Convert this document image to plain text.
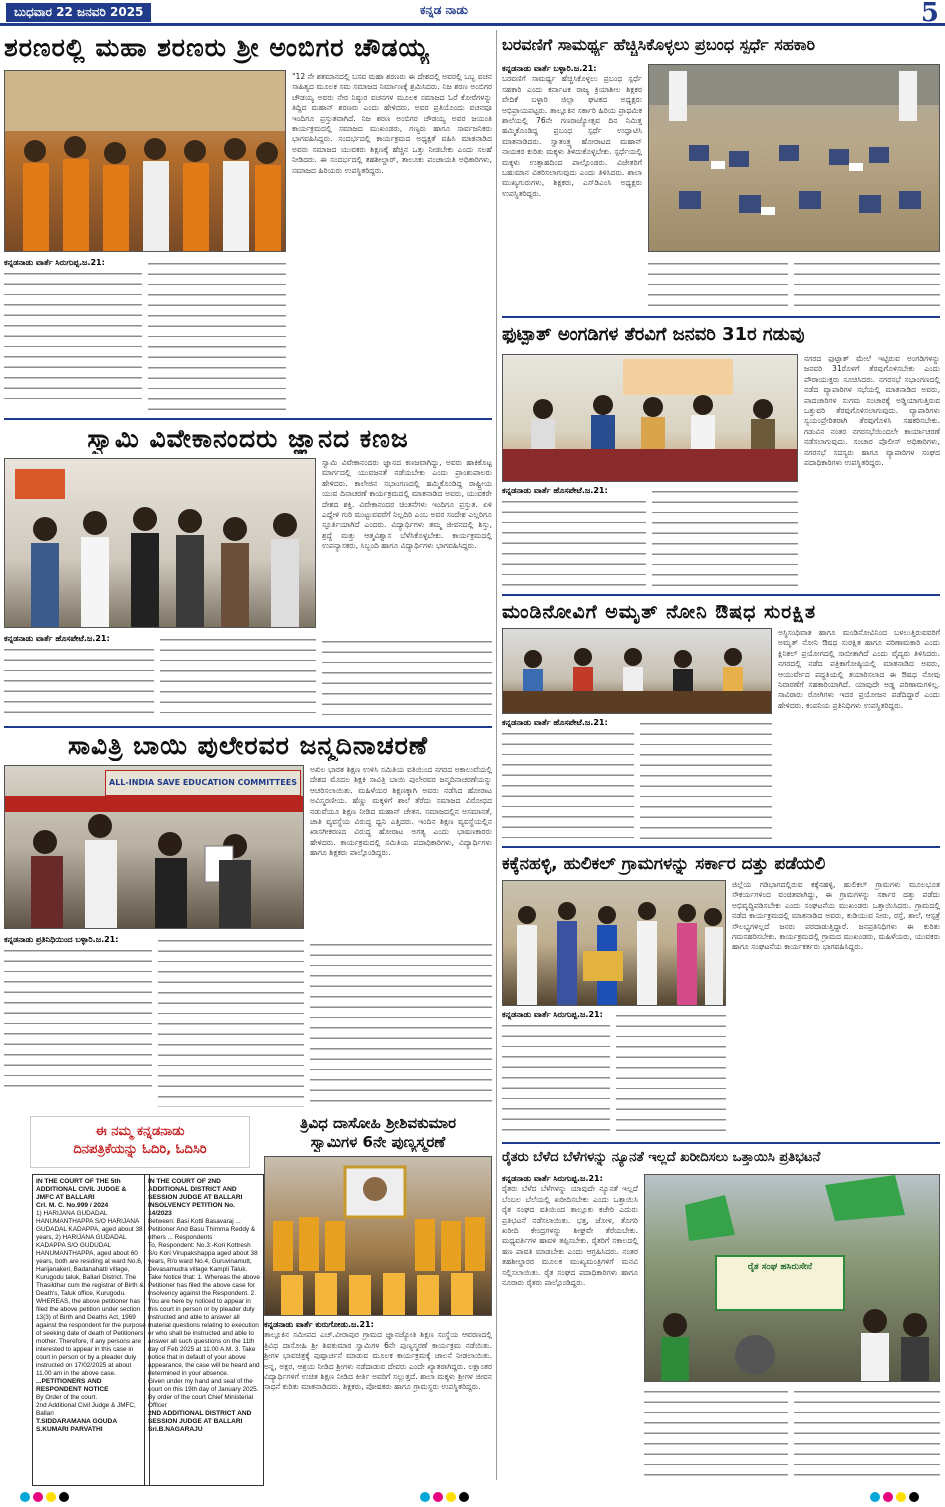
ಬುಧವಾರ 22 ಜನವರಿ 2025	ಕನ್ನಡ ನಾಡು	5
ಶರಣರಲ್ಲಿ ಮಹಾ ಶರಣರು ಶ್ರೀ ಅಂಬಿಗರ ಚೌಡಯ್ಯ
"12 ನೇ ಶತಮಾನದಲ್ಲಿ ಬಸವ ಮಹಾ ಶರಣರು ಈ ದೇಶದಲ್ಲಿ ಅವರಲ್ಲಿ ಒಬ್ಬ ವಚನ ಸಾಹಿತ್ಯದ ಮೂಲಕ ಸಮ ಸಮಾಜದ ನಿರ್ಮಾಣಕ್ಕೆ ಶ್ರಮಿಸಿದರು. ನಿಜ ಶರಣ ಅಂಬಿಗರ ಚೌಡಯ್ಯ ಅವರು ನೇರ ನಿಷ್ಠುರ ವಚನಗಳ ಮೂಲಕ ಸಮಾಜದ ಓರೆ ಕೋರೆಗಳನ್ನು ತಿದ್ದಿದ ಮಹಾನ್ ಶರಣರು ಎಂದು ಹೇಳಿದರು. ಅವರ ಪ್ರತಿಯೊಂದು ವಚನವೂ ಇಂದಿಗೂ ಪ್ರಸ್ತುತವಾಗಿದೆ. ನಿಜ ಶರಣ ಅಂಬಿಗರ ಚೌಡಯ್ಯ ಅವರ ಜಯಂತಿ ಕಾರ್ಯಕ್ರಮದಲ್ಲಿ ಸಮಾಜದ ಮುಖಂಡರು, ಗಣ್ಯರು ಹಾಗೂ ಸಾರ್ವಜನಿಕರು ಭಾಗವಹಿಸಿದ್ದರು. ಸಂದರ್ಭದಲ್ಲಿ ಕಾರ್ಯಕ್ರಮದ ಅಧ್ಯಕ್ಷತೆ ವಹಿಸಿ ಮಾತನಾಡಿದ ಅವರು ಸಮಾಜದ ಯುವಕರು ಶಿಕ್ಷಣಕ್ಕೆ ಹೆಚ್ಚಿನ ಒತ್ತು ನೀಡಬೇಕು ಎಂದು ಸಲಹೆ ನೀಡಿದರು. ಈ ಸಂದರ್ಭದಲ್ಲಿ ತಹಶೀಲ್ದಾರ್, ತಾಲೂಕು ಪಂಚಾಯತಿ ಅಧಿಕಾರಿಗಳು, ಸಮಾಜದ ಹಿರಿಯರು ಉಪಸ್ಥಿತರಿದ್ದರು.
ಕನ್ನಡನಾಡು ವಾರ್ತೆ ಸಿರುಗುಪ್ಪ.ಜ.21:
ಸ್ವಾಮಿ ವಿವೇಕಾನಂದರು ಜ್ಞಾನದ ಕಣಜ
ಸ್ವಾಮಿ ವಿವೇಕಾನಂದರು ಜ್ಞಾನದ ಕಣಜವಾಗಿದ್ದು, ಅವರು ಹಾಕಿಕೊಟ್ಟ ಮಾರ್ಗದಲ್ಲಿ ಯುವಜನತೆ ನಡೆಯಬೇಕು ಎಂದು ಪ್ರಾಂಶುಪಾಲರು ಹೇಳಿದರು. ಕಾಲೇಜಿನ ಸಭಾಂಗಣದಲ್ಲಿ ಹಮ್ಮಿಕೊಂಡಿದ್ದ ರಾಷ್ಟ್ರೀಯ ಯುವ ದಿನಾಚರಣೆ ಕಾರ್ಯಕ್ರಮದಲ್ಲಿ ಮಾತನಾಡಿದ ಅವರು, ಯುವಕರೇ ದೇಶದ ಶಕ್ತಿ. ವಿವೇಕಾನಂದರ ಚಿಂತನೆಗಳು ಇಂದಿಗೂ ಪ್ರಸ್ತುತ. ಏಳಿ ಎದ್ದೇಳಿ ಗುರಿ ಮುಟ್ಟುವವರೆಗೆ ನಿಲ್ಲದಿರಿ ಎಂಬ ಅವರ ಸಂದೇಶ ಎಲ್ಲರಿಗೂ ಸ್ಫೂರ್ತಿಯಾಗಿದೆ ಎಂದರು. ವಿದ್ಯಾರ್ಥಿಗಳು ತಮ್ಮ ಜೀವನದಲ್ಲಿ ಶಿಸ್ತು, ಶ್ರದ್ಧೆ ಮತ್ತು ಆತ್ಮವಿಶ್ವಾಸ ಬೆಳೆಸಿಕೊಳ್ಳಬೇಕು. ಕಾರ್ಯಕ್ರಮದಲ್ಲಿ ಉಪನ್ಯಾಸಕರು, ಸಿಬ್ಬಂದಿ ಹಾಗೂ ವಿದ್ಯಾರ್ಥಿಗಳು ಭಾಗವಹಿಸಿದ್ದರು.
ಕನ್ನಡನಾಡು ವಾರ್ತೆ ಹೊಸಪೇಟೆ.ಜ.21:
ಸಾವಿತ್ರಿ ಬಾಯಿ ಪುಲೇರವರ ಜನ್ಮದಿನಾಚರಣೆ
ALL-INDIA SAVE EDUCATION COMMITTEES
ಅಖಿಲ ಭಾರತ ಶಿಕ್ಷಣ ಉಳಿಸಿ ಸಮಿತಿಯ ವತಿಯಿಂದ ನಗರದ ಅಕಾಲುವೆಯಲ್ಲಿ ದೇಶದ ಮೊದಲ ಶಿಕ್ಷಕಿ ಸಾವಿತ್ರಿ ಬಾಯಿ ಪುಲೇರವರ ಜನ್ಮದಿನಾಚರಣೆಯನ್ನು ಆಚರಿಸಲಾಯಿತು. ಮಹಿಳೆಯರ ಶಿಕ್ಷಣಕ್ಕಾಗಿ ಅವರು ನಡೆಸಿದ ಹೋರಾಟ ಅವಿಸ್ಮರಣೀಯ. ಹೆಣ್ಣು ಮಕ್ಕಳಿಗೆ ಶಾಲೆ ತೆರೆದು ಸಮಾಜದ ವಿರೋಧದ ನಡುವೆಯೂ ಶಿಕ್ಷಣ ನೀಡಿದ ಮಹಾನ್ ಚೇತನ. ಸಮಾಜದಲ್ಲಿನ ಅಸಮಾನತೆ, ಜಾತಿ ವ್ಯವಸ್ಥೆಯ ವಿರುದ್ಧ ಧ್ವನಿ ಎತ್ತಿದರು. ಇಂದಿನ ಶಿಕ್ಷಣ ವ್ಯವಸ್ಥೆಯಲ್ಲಿನ ಖಾಸಗೀಕರಣದ ವಿರುದ್ಧ ಹೋರಾಟ ಅಗತ್ಯ ಎಂದು ಭಾಷಣಕಾರರು ಹೇಳಿದರು. ಕಾರ್ಯಕ್ರಮದಲ್ಲಿ ಸಮಿತಿಯ ಪದಾಧಿಕಾರಿಗಳು, ವಿದ್ಯಾರ್ಥಿಗಳು ಹಾಗೂ ಶಿಕ್ಷಕರು ಪಾಲ್ಗೊಂಡಿದ್ದರು.
ಕನ್ನಡನಾಡು ಪ್ರತಿನಿಧಿಯಿಂದ ಬಳ್ಳಾರಿ.ಜ.21:
ಈ ನಮ್ಮ ಕನ್ನಡನಾಡು
ದಿನಪತ್ರಿಕೆಯನ್ನು ಓದಿರಿ, ಓದಿಸಿರಿ
IN THE COURT OF THE 5th ADDITIONAL CIVIL JUDGE & JMFC AT BALLARI
Crl. M. C. No.999 / 2024
1) HARIJANA GUDADAL HANUMANTHAPPA S/O HARIJANA GUDADAL KADAPPA, aged about 38 years, 2) HARIJANA GUDADAL KADAPPA S/O GUDUDAL HANUMANTHAPPA, aged about 60 years, both are residing at ward No.6, Harijanakeri, Badanahatti village, Kurugodu taluk, Ballari District. The Thasildhar cum the registrar of Birth & Death's, Taluk office, Kurugodu. WHEREAS, the above petitioner has filed the above petition under section 13(3) of Birth and Deaths Act, 1969 against the respondent for the purpose of seeking date of death of Petitioners mother. Therefore, if any persons are interested to appear in this case in court in person or by a pleader duly instructed on 17/02/2025 at about 11.00 am in the above case.
...PETITIONERS AND
RESPONDENT NOTICE
By Order of the court.
2nd Additional Civil Judge & JMFC, Ballari
T.SIDDARAMANA GOUDA S.KUMARI PARVATHI
IN THE COURT OF 2ND ADDITIONAL DISTRICT AND SESSION JUDGE AT BALLARI
INSOLVENCY PETITION No. 14/2023
Between: Basi Kotti Basavaraj ... Petitioner And Basu Thimma Reddy & others ... Respondents
To, Respondent: No.3:-Kori Kottresh S/o Kori Virupakshappa aged about 38 years, R/o ward No.4, Guruvinamutt, Devasamudra village Kampli Taluk. Take Notice that: 1. Whereas the above Petitioner has filed the above case for insolvency against the Respondent. 2. You are here by noticed to appear in this court in person or by pleader duly instructed and able to answer all material questions relating to execution or who shall be instructed and able to answer all such questions on the 11th day of Feb 2025 at 11.00 A.M. 3. Take notice that in default of your above appearance, the case will be heard and determined in your absence.
Given under my hand and seal of the court on this 19th day of January 2025.
By order of the court Chief Ministerial Officer
2ND ADDITIONAL DISTRICT AND SESSION JUDGE AT BALLARI
Sri.B.NAGARAJU
ತ್ರಿವಿಧ ದಾಸೋಹಿ ಶ್ರೀಶಿವಕುಮಾರ
ಸ್ವಾಮಿಗಳ 6ನೇ ಪುಣ್ಯಸ್ಮರಣೆ
ಕನ್ನಡನಾಡು ವಾರ್ತೆ ಕುರುಗೋಡು.ಜ.21:
ತಾಲ್ಲೂಕಿನ ಸಮೀಪದ ಎಚ್.ವೀರಾಪುರ ಗ್ರಾಮದ ಜ್ಞಾನಜ್ಯೋತಿ ಶಿಕ್ಷಣ ಸಂಸ್ಥೆಯ ಆವರಣದಲ್ಲಿ ತ್ರಿವಿಧ ದಾಸೋಹಿ ಶ್ರೀ ಶಿವಕುಮಾರ ಸ್ವಾಮಿಗಳ 6ನೇ ಪುಣ್ಯಸ್ಮರಣೆ ಕಾರ್ಯಕ್ರಮ ನಡೆಯಿತು. ಶ್ರೀಗಳ ಭಾವಚಿತ್ರಕ್ಕೆ ಪುಷ್ಪಾರ್ಚನೆ ಮಾಡುವ ಮೂಲಕ ಕಾರ್ಯಕ್ರಮಕ್ಕೆ ಚಾಲನೆ ನೀಡಲಾಯಿತು. ಅನ್ನ, ಅಕ್ಷರ, ಆಶ್ರಯ ನೀಡಿದ ಶ್ರೀಗಳು ನಡೆದಾಡುವ ದೇವರು ಎಂದೇ ಖ್ಯಾತರಾಗಿದ್ದರು. ಲಕ್ಷಾಂತರ ವಿದ್ಯಾರ್ಥಿಗಳಿಗೆ ಉಚಿತ ಶಿಕ್ಷಣ ನೀಡಿದ ಕೀರ್ತಿ ಅವರಿಗೆ ಸಲ್ಲುತ್ತದೆ. ಶಾಲಾ ಮಕ್ಕಳು ಶ್ರೀಗಳ ಜೀವನ ಸಾಧನೆ ಕುರಿತು ಮಾತನಾಡಿದರು. ಶಿಕ್ಷಕರು, ಪೋಷಕರು ಹಾಗೂ ಗ್ರಾಮಸ್ಥರು ಉಪಸ್ಥಿತರಿದ್ದರು.
ಬರವಣಿಗೆ ಸಾಮರ್ಥ್ಯ ಹೆಚ್ಚಿಸಿಕೊಳ್ಳಲು ಪ್ರಬಂಧ ಸ್ಪರ್ಧೆ ಸಹಕಾರಿ
ಕನ್ನಡನಾಡು ವಾರ್ತೆ ಬಳ್ಳಾರಿ.ಜ.21:
ಬರವಣಿಗೆ ಸಾಮರ್ಥ್ಯ ಹೆಚ್ಚಿಸಿಕೊಳ್ಳಲು ಪ್ರಬಂಧ ಸ್ಪರ್ಧೆ ಸಹಕಾರಿ ಎಂದು ಕರ್ನಾಟಕ ರಾಜ್ಯ ಕ್ರಿಯಾಶೀಲ ಶಿಕ್ಷಕರ ವೇದಿಕೆ ಬಳ್ಳಾರಿ ಜಿಲ್ಲಾ ಘಟಕದ ಅಧ್ಯಕ್ಷರು ಅಭಿಪ್ರಾಯಪಟ್ಟರು. ತಾಲ್ಲೂಕಿನ ಸರ್ಕಾರಿ ಹಿರಿಯ ಪ್ರಾಥಮಿಕ ಶಾಲೆಯಲ್ಲಿ 76ನೇ ಗಣರಾಜ್ಯೋತ್ಸವ ದಿನ ನಿಮಿತ್ತ ಹಮ್ಮಿಕೊಂಡಿದ್ದ ಪ್ರಬಂಧ ಸ್ಪರ್ಧೆ ಉದ್ಘಾಟಿಸಿ ಮಾತನಾಡಿದರು. ಸ್ವಾತಂತ್ರ್ಯ ಹೋರಾಟದ ಮಹಾನ್ ನಾಯಕರ ಕುರಿತು ಮಕ್ಕಳು ತಿಳಿದುಕೊಳ್ಳಬೇಕು. ಸ್ಪರ್ಧೆಯಲ್ಲಿ ಮಕ್ಕಳು ಉತ್ಸಾಹದಿಂದ ಪಾಲ್ಗೊಂಡರು. ವಿಜೇತರಿಗೆ ಬಹುಮಾನ ವಿತರಿಸಲಾಗುವುದು ಎಂದು ತಿಳಿಸಿದರು. ಶಾಲಾ ಮುಖ್ಯಗುರುಗಳು, ಶಿಕ್ಷಕರು, ಎಸ್‌ಡಿಎಂಸಿ ಅಧ್ಯಕ್ಷರು ಉಪಸ್ಥಿತರಿದ್ದರು.
ಫುಟ್ಪಾತ್ ಅಂಗಡಿಗಳ ತೆರವಿಗೆ ಜನವರಿ 31ರ ಗಡುವು
ನಗರದ ಫುಟ್ಪಾತ್ ಮೇಲೆ ಇಟ್ಟಿರುವ ಅಂಗಡಿಗಳನ್ನು ಜನವರಿ 31ರೊಳಗೆ ತೆರವುಗೊಳಿಸಬೇಕು ಎಂದು ಪೌರಾಯುಕ್ತರು ಸೂಚಿಸಿದರು. ನಗರಸಭೆ ಸಭಾಂಗಣದಲ್ಲಿ ನಡೆದ ವ್ಯಾಪಾರಿಗಳ ಸಭೆಯಲ್ಲಿ ಮಾತನಾಡಿದ ಅವರು, ಪಾದಚಾರಿಗಳ ಸುಗಮ ಸಂಚಾರಕ್ಕೆ ಅಡ್ಡಿಯಾಗುತ್ತಿರುವ ಒತ್ತುವರಿ ತೆರವುಗೊಳಿಸಲಾಗುವುದು. ವ್ಯಾಪಾರಿಗಳು ಸ್ವಯಂಪ್ರೇರಿತರಾಗಿ ತೆರವುಗೊಳಿಸಿ ಸಹಕರಿಸಬೇಕು. ಗಡುವಿನ ನಂತರ ನಗರಸಭೆಯಿಂದಲೇ ಕಾರ್ಯಾಚರಣೆ ನಡೆಸಲಾಗುವುದು. ಸಂಚಾರ ಪೊಲೀಸ್ ಅಧಿಕಾರಿಗಳು, ನಗರಸಭೆ ಸದಸ್ಯರು ಹಾಗೂ ವ್ಯಾಪಾರಿಗಳ ಸಂಘದ ಪದಾಧಿಕಾರಿಗಳು ಉಪಸ್ಥಿತರಿದ್ದರು.
ಕನ್ನಡನಾಡು ವಾರ್ತೆ ಹೊಸಪೇಟೆ.ಜ.21:
ಮಂಡಿನೋವಿಗೆ ಅಮೃತ್ ನೋನಿ ಔಷಧ ಸುರಕ್ಷಿತ
ಅಸ್ಥಿಸಂಧಿವಾತ ಹಾಗೂ ಮಂಡಿನೋವಿನಿಂದ ಬಳಲುತ್ತಿರುವವರಿಗೆ ಅಮೃತ್ ನೋನಿ ಔಷಧ ಸುರಕ್ಷಿತ ಹಾಗೂ ಪರಿಣಾಮಕಾರಿ ಎಂದು ಕ್ಲಿನಿಕಲ್ ಪ್ರಯೋಗದಲ್ಲಿ ಸಾಬೀತಾಗಿದೆ ಎಂದು ವೈದ್ಯರು ತಿಳಿಸಿದರು. ನಗರದಲ್ಲಿ ನಡೆದ ಪತ್ರಿಕಾಗೋಷ್ಠಿಯಲ್ಲಿ ಮಾತನಾಡಿದ ಅವರು, ಆಯುರ್ವೇದ ಪದ್ಧತಿಯಲ್ಲಿ ತಯಾರಿಸಲಾದ ಈ ಔಷಧ ನೋವು ನಿವಾರಣೆಗೆ ಸಹಕಾರಿಯಾಗಿದೆ. ಯಾವುದೇ ಅಡ್ಡ ಪರಿಣಾಮಗಳಿಲ್ಲ. ಸಾವಿರಾರು ರೋಗಿಗಳು ಇದರ ಪ್ರಯೋಜನ ಪಡೆದಿದ್ದಾರೆ ಎಂದು ಹೇಳಿದರು. ಕಂಪನಿಯ ಪ್ರತಿನಿಧಿಗಳು ಉಪಸ್ಥಿತರಿದ್ದರು.
ಕನ್ನಡನಾಡು ವಾರ್ತೆ ಹೊಸಪೇಟೆ.ಜ.21:
ಕಕ್ಕೆನಹಳ್ಳಿ, ಹುಲಿಕಲ್ ಗ್ರಾಮಗಳನ್ನು ಸರ್ಕಾರ ದತ್ತು ಪಡೆಯಲಿ
ಜಿಲ್ಲೆಯ ಗಡಿಭಾಗದಲ್ಲಿರುವ ಕಕ್ಕೆನಹಳ್ಳಿ, ಹುಲಿಕಲ್ ಗ್ರಾಮಗಳು ಮೂಲಭೂತ ಸೌಕರ್ಯಗಳಿಂದ ವಂಚಿತವಾಗಿದ್ದು, ಈ ಗ್ರಾಮಗಳನ್ನು ಸರ್ಕಾರ ದತ್ತು ಪಡೆದು ಅಭಿವೃದ್ಧಿಪಡಿಸಬೇಕು ಎಂದು ಸಂಘಟನೆಯ ಮುಖಂಡರು ಒತ್ತಾಯಿಸಿದರು. ಗ್ರಾಮದಲ್ಲಿ ನಡೆದ ಕಾರ್ಯಕ್ರಮದಲ್ಲಿ ಮಾತನಾಡಿದ ಅವರು, ಕುಡಿಯುವ ನೀರು, ರಸ್ತೆ, ಶಾಲೆ, ಆಸ್ಪತ್ರೆ ಸೌಲಭ್ಯಗಳಿಲ್ಲದೆ ಜನರು ಪರದಾಡುತ್ತಿದ್ದಾರೆ. ಜನಪ್ರತಿನಿಧಿಗಳು ಈ ಕುರಿತು ಗಮನಹರಿಸಬೇಕು. ಕಾರ್ಯಕ್ರಮದಲ್ಲಿ ಗ್ರಾಮದ ಮುಖಂಡರು, ಮಹಿಳೆಯರು, ಯುವಕರು ಹಾಗೂ ಸಂಘಟನೆಯ ಕಾರ್ಯಕರ್ತರು ಭಾಗವಹಿಸಿದ್ದರು.
ಕನ್ನಡನಾಡು ವಾರ್ತೆ ಸಿರುಗುಪ್ಪ.ಜ.21:
ರೈತರು ಬೆಳೆದ ಬೆಳೆಗಳನ್ನು ನ್ಯೂನತೆ ಇಲ್ಲದೆ ಖರೀದಿಸಲು ಒತ್ತಾಯಿಸಿ ಪ್ರತಿಭಟನೆ
ಕನ್ನಡನಾಡು ವಾರ್ತೆ ಸಿರುಗುಪ್ಪ.ಜ.21:
ರೈತರು ಬೆಳೆದ ಬೆಳೆಗಳನ್ನು ಯಾವುದೇ ನ್ಯೂನತೆ ಇಲ್ಲದೆ ಬೆಂಬಲ ಬೆಲೆಯಲ್ಲಿ ಖರೀದಿಸಬೇಕು ಎಂದು ಒತ್ತಾಯಿಸಿ ರೈತ ಸಂಘದ ವತಿಯಿಂದ ತಾಲ್ಲೂಕು ಕಚೇರಿ ಎದುರು ಪ್ರತಿಭಟನೆ ನಡೆಸಲಾಯಿತು. ಭತ್ತ, ಜೋಳ, ತೊಗರಿ ಖರೀದಿ ಕೇಂದ್ರಗಳನ್ನು ಶೀಘ್ರವೇ ತೆರೆಯಬೇಕು. ಮಧ್ಯವರ್ತಿಗಳ ಹಾವಳಿ ತಪ್ಪಿಸಬೇಕು. ರೈತರಿಗೆ ಸಕಾಲದಲ್ಲಿ ಹಣ ಪಾವತಿ ಮಾಡಬೇಕು ಎಂದು ಆಗ್ರಹಿಸಿದರು. ನಂತರ ತಹಶೀಲ್ದಾರರ ಮೂಲಕ ಮುಖ್ಯಮಂತ್ರಿಗಳಿಗೆ ಮನವಿ ಸಲ್ಲಿಸಲಾಯಿತು. ರೈತ ಸಂಘದ ಪದಾಧಿಕಾರಿಗಳು ಹಾಗೂ ನೂರಾರು ರೈತರು ಪಾಲ್ಗೊಂಡಿದ್ದರು.
ರೈತ ಸಂಘ ಹಸಿರುಸೇನೆ
